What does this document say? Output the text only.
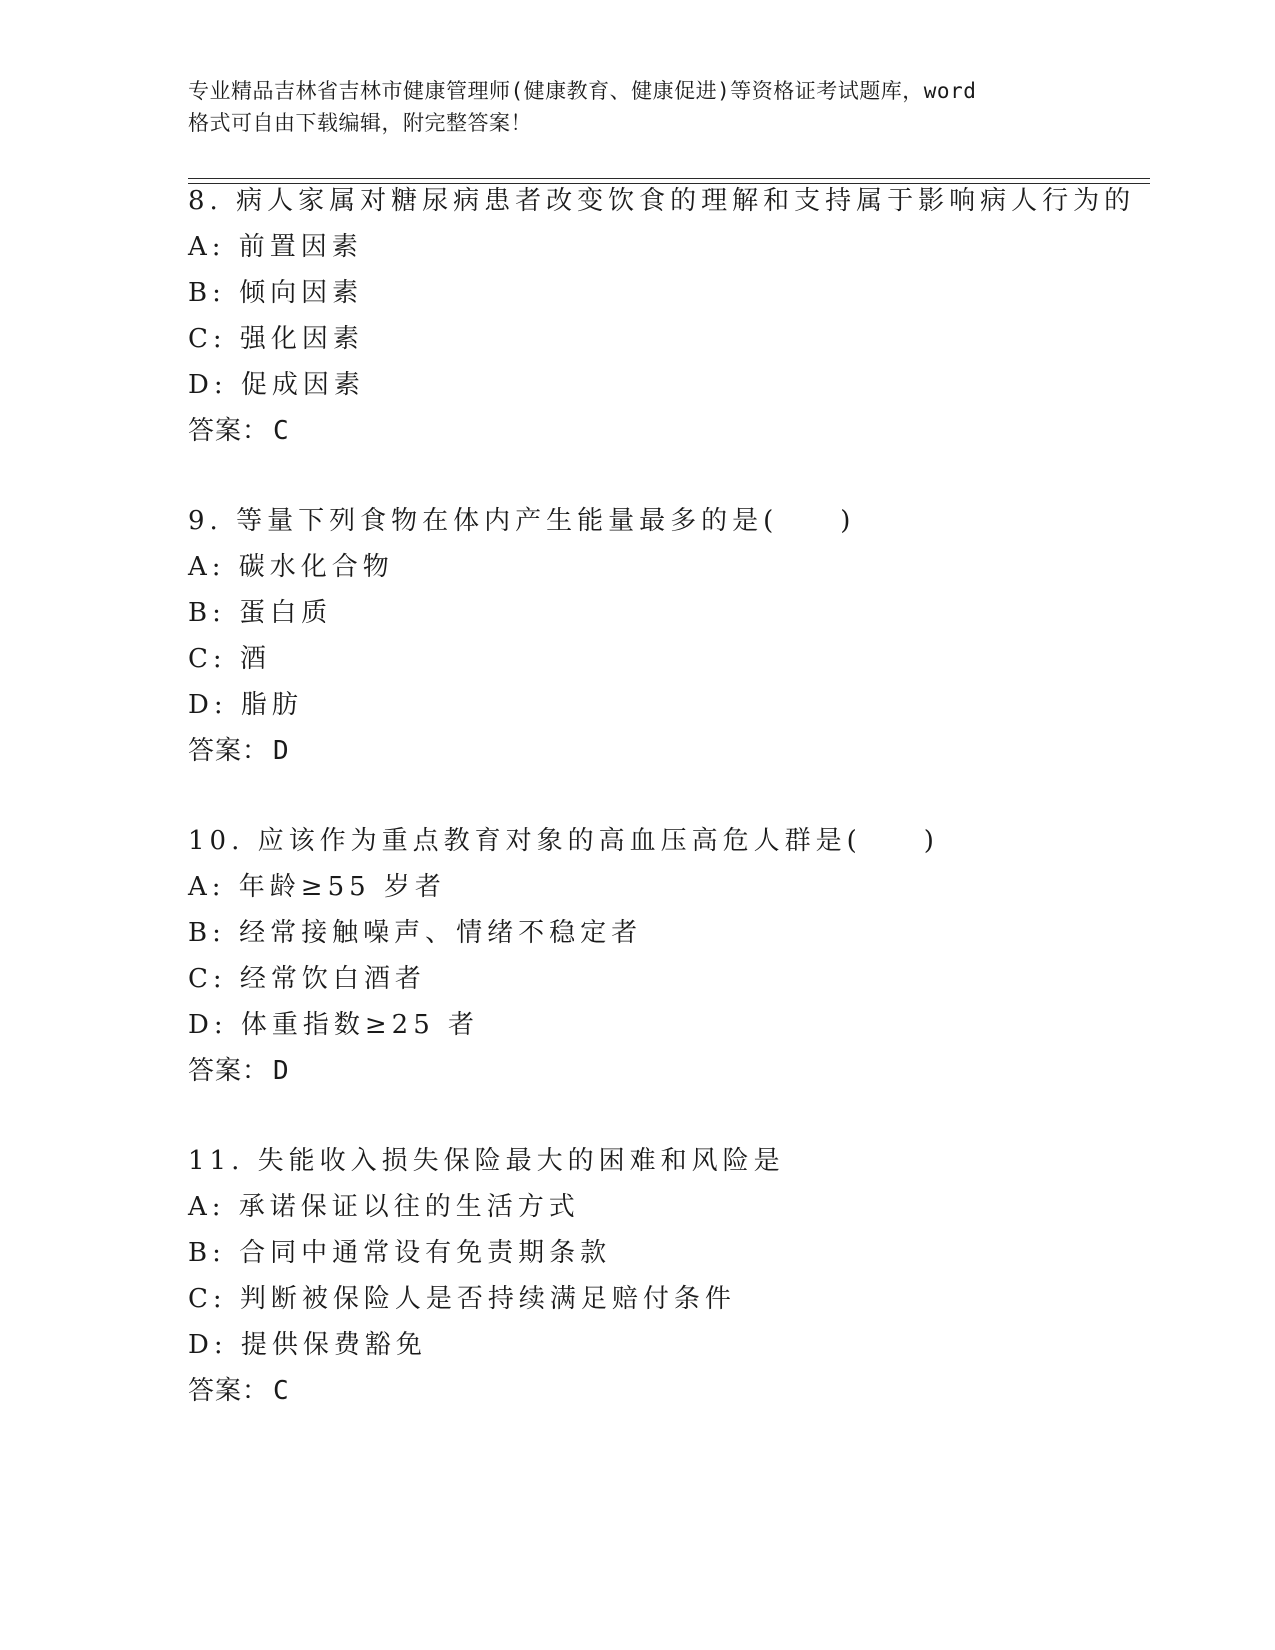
专业精品吉林省吉林市健康管理师(健康教育、健康促进)等资格证考试题库，word
格式可自由下载编辑，附完整答案！
8. 病人家属对糖尿病患者改变饮食的理解和支持属于影响病人行为的
A: 前置因素
B: 倾向因素
C: 强化因素
D: 促成因素
答案： C
9. 等量下列食物在体内产生能量最多的是(　　)
A: 碳水化合物
B: 蛋白质
C: 酒
D: 脂肪
答案： D
10. 应该作为重点教育对象的高血压高危人群是(　　)
A: 年龄≥55 岁者
B: 经常接触噪声、情绪不稳定者
C: 经常饮白酒者
D: 体重指数≥25 者
答案： D
11. 失能收入损失保险最大的困难和风险是
A: 承诺保证以往的生活方式
B: 合同中通常设有免责期条款
C: 判断被保险人是否持续满足赔付条件
D: 提供保费豁免
答案： C
